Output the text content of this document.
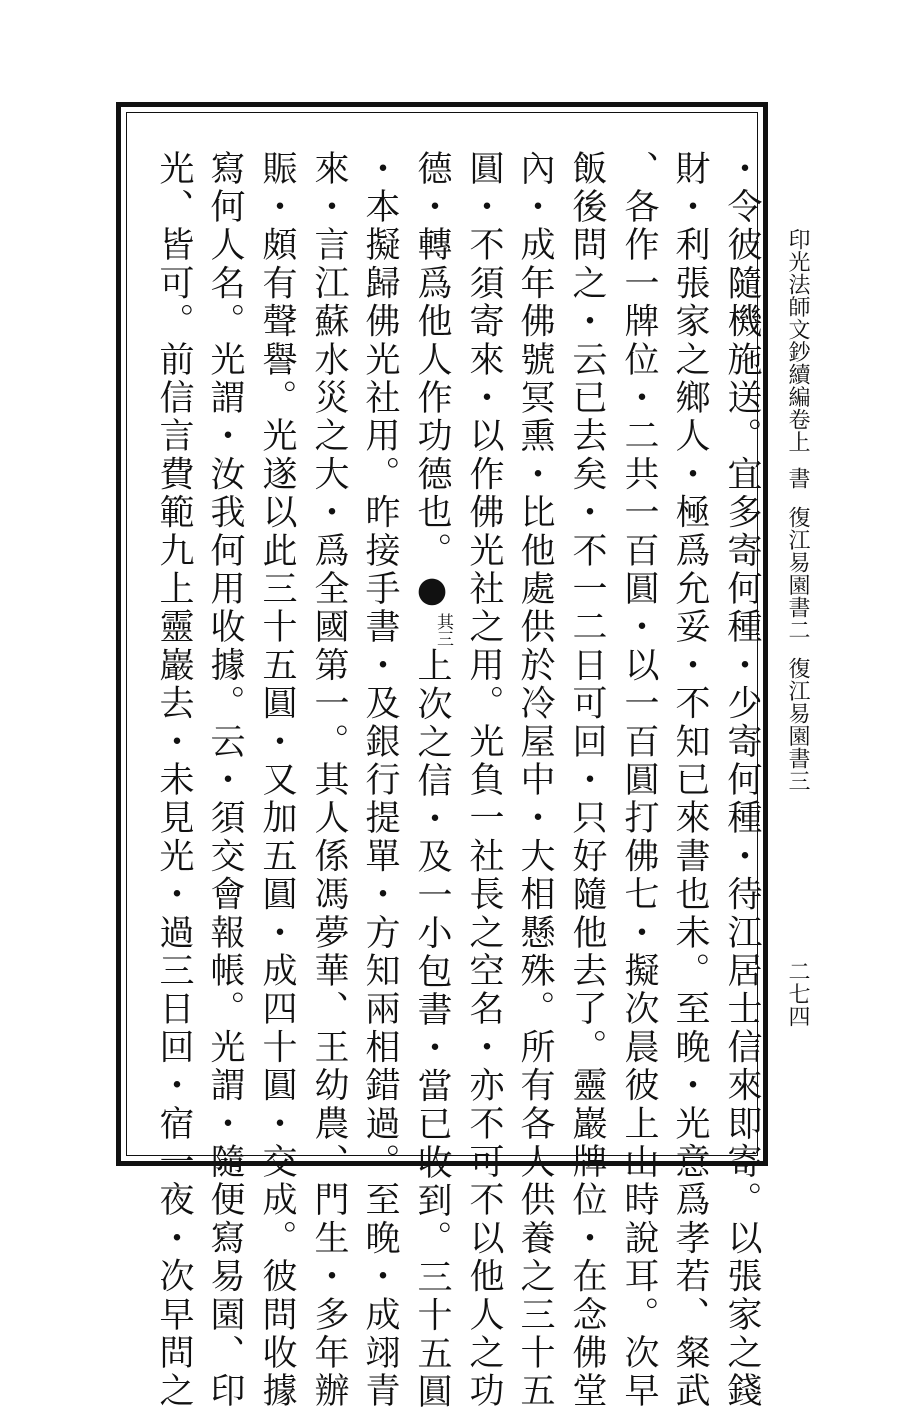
印光法師文鈔續編卷上書復江易園書二復江易園書三
二七四
・令彼隨機施送。宜多寄何種・少寄何種・待江居士信來即寄。以張家之錢
財・利張家之鄉人・極爲允妥・不知已來書也未。至晚・光意爲孝若、粲武
、各作一牌位・二共一百圓・以一百圓打佛七・擬次晨彼上山時說耳。次早
飯後問之・云已去矣・不一二日可回・只好隨他去了。靈巖牌位・在念佛堂
內・成年佛號冥熏・比他處供於冷屋中・大相懸殊。所有各人供養之三十五
圓・不須寄來・以作佛光社之用。光負一社長之空名・亦不可不以他人之功
德・轉爲他人作功德也。●其三上次之信・及一小包書・當已收到。三十五圓
・本擬歸佛光社用。昨接手書・及銀行提單・方知兩相錯過。至晚・成翊青
來・言江蘇水災之大・爲全國第一。其人係馮夢華、王幼農、門生・多年辦
賑・頗有聲譽。光遂以此三十五圓・又加五圓・成四十圓・交成。彼問收據
寫何人名。光謂・汝我何用收據。云・須交會報帳。光謂・隨便寫易園、印
光、皆可。前信言費範九上靈巖去・未見光・過三日回・宿一夜・次早問之
